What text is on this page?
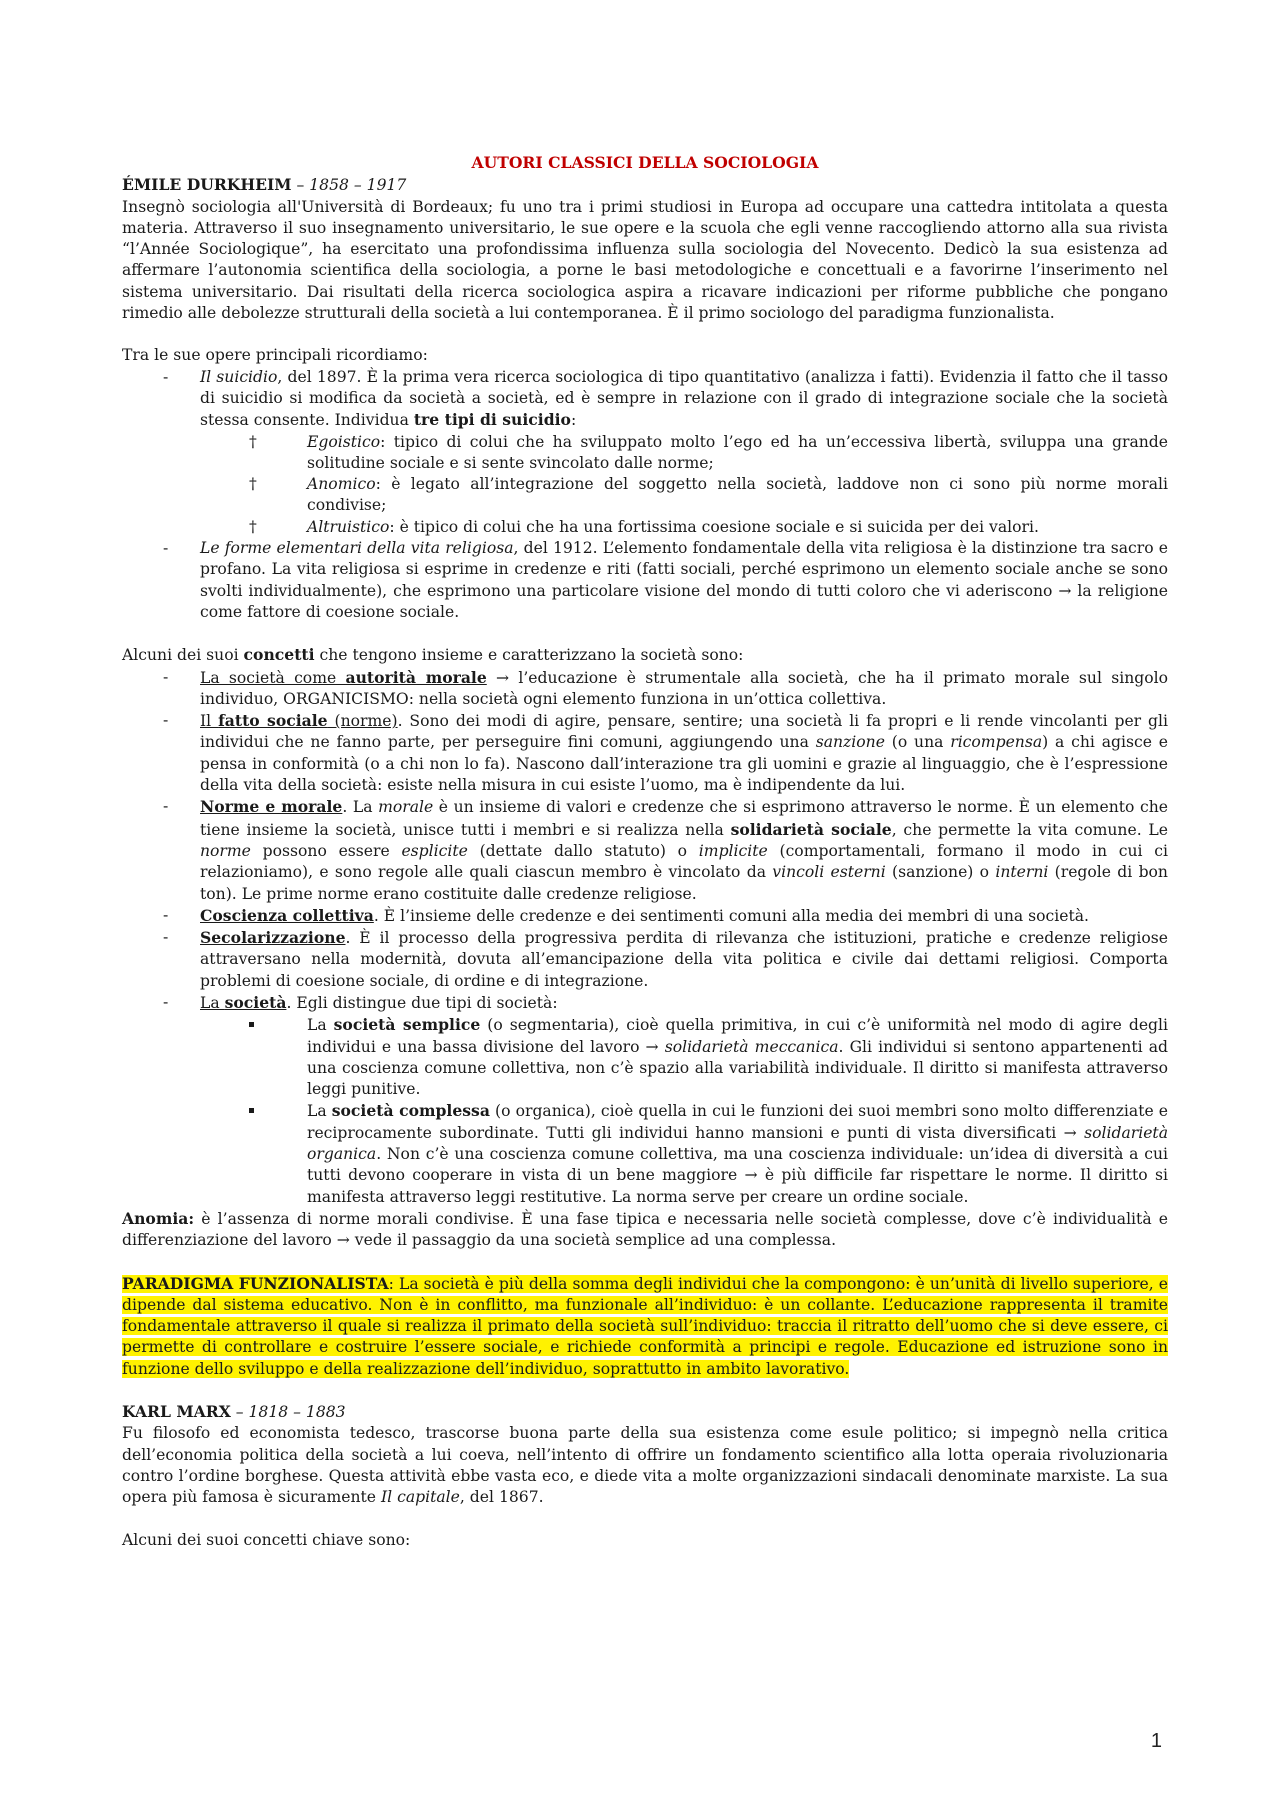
AUTORI CLASSICI DELLA SOCIOLOGIA

ÉMILE DURKHEIM – 1858 – 1917

Insegnò sociologia all'Università di Bordeaux; fu uno tra i primi studiosi in Europa ad occupare una cattedra intitolata a questa materia. Attraverso il suo insegnamento universitario, le sue opere e la scuola che egli venne raccogliendo attorno alla sua rivista “l’Année Sociologique”, ha esercitato una profondissima influenza sulla sociologia del Novecento. Dedicò la sua esistenza ad affermare l’autonomia scientifica della sociologia, a porne le basi metodologiche e concettuali e a favorirne l’inserimento nel sistema universitario. Dai risultati della ricerca sociologica aspira a ricavare indicazioni per riforme pubbliche che pongano rimedio alle debolezze strutturali della società a lui contemporanea. È il primo sociologo del paradigma funzionalista.

Tra le sue opere principali ricordiamo:

- Il suicidio, del 1897. È la prima vera ricerca sociologica di tipo quantitativo (analizza i fatti). Evidenzia il fatto che il tasso di suicidio si modifica da società a società, ed è sempre in relazione con il grado di integrazione sociale che la società stessa consente. Individua tre tipi di suicidio:
†	Egoistico: tipico di colui che ha sviluppato molto l’ego ed ha un’eccessiva libertà, sviluppa una grande solitudine sociale e si sente svincolato dalle norme;
†	Anomico: è legato all’integrazione del soggetto nella società, laddove non ci sono più norme morali condivise;
†	Altruistico: è tipico di colui che ha una fortissima coesione sociale e si suicida per dei valori.
- Le forme elementari della vita religiosa, del 1912. L’elemento fondamentale della vita religiosa è la distinzione tra sacro e profano. La vita religiosa si esprime in credenze e riti (fatti sociali, perché esprimono un elemento sociale anche se sono svolti individualmente), che esprimono una particolare visione del mondo di tutti coloro che vi aderiscono → la religione come fattore di coesione sociale.

Alcuni dei suoi concetti che tengono insieme e caratterizzano la società sono:

- La società come autorità morale → l’educazione è strumentale alla società, che ha il primato morale sul singolo individuo, ORGANICISMO: nella società ogni elemento funziona in un’ottica collettiva.
- Il fatto sociale (norme). Sono dei modi di agire, pensare, sentire; una società li fa propri e li rende vincolanti per gli individui che ne fanno parte, per perseguire fini comuni, aggiungendo una sanzione (o una ricompensa) a chi agisce e pensa in conformità (o a chi non lo fa). Nascono dall’interazione tra gli uomini e grazie al linguaggio, che è l’espressione della vita della società: esiste nella misura in cui esiste l’uomo, ma è indipendente da lui.
- Norme e morale. La morale è un insieme di valori e credenze che si esprimono attraverso le norme. È un elemento che tiene insieme la società, unisce tutti i membri e si realizza nella solidarietà sociale, che permette la vita comune. Le norme possono essere esplicite (dettate dallo statuto) o implicite (comportamentali, formano il modo in cui ci relazioniamo), e sono regole alle quali ciascun membro è vincolato da vincoli esterni (sanzione) o interni (regole di bon ton). Le prime norme erano costituite dalle credenze religiose.
- Coscienza collettiva. È l’insieme delle credenze e dei sentimenti comuni alla media dei membri di una società.
- Secolarizzazione. È il processo della progressiva perdita di rilevanza che istituzioni, pratiche e credenze religiose attraversano nella modernità, dovuta all’emancipazione della vita politica e civile dai dettami religiosi. Comporta problemi di coesione sociale, di ordine e di integrazione.
- La società. Egli distingue due tipi di società:
La società semplice (o segmentaria), cioè quella primitiva, in cui c’è uniformità nel modo di agire degli individui e una bassa divisione del lavoro → solidarietà meccanica. Gli individui si sentono appartenenti ad una coscienza comune collettiva, non c’è spazio alla variabilità individuale. Il diritto si manifesta attraverso leggi punitive.
La società complessa (o organica), cioè quella in cui le funzioni dei suoi membri sono molto differenziate e reciprocamente subordinate. Tutti gli individui hanno mansioni e punti di vista diversificati → solidarietà organica. Non c’è una coscienza comune collettiva, ma una coscienza individuale: un’idea di diversità a cui tutti devono cooperare in vista di un bene maggiore → è più difficile far rispettare le norme. Il diritto si manifesta attraverso leggi restitutive. La norma serve per creare un ordine sociale.

Anomia: è l’assenza di norme morali condivise. È una fase tipica e necessaria nelle società complesse, dove c’è individualità e differenziazione del lavoro → vede il passaggio da una società semplice ad una complessa.

PARADIGMA FUNZIONALISTA: La società è più della somma degli individui che la compongono: è un’unità di livello superiore, e dipende dal sistema educativo. Non è in conflitto, ma funzionale all’individuo: è un collante. L’educazione rappresenta il tramite fondamentale attraverso il quale si realizza il primato della società sull’individuo: traccia il ritratto dell’uomo che si deve essere, ci permette di controllare e costruire l’essere sociale, e richiede conformità a principi e regole. Educazione ed istruzione sono in funzione dello sviluppo e della realizzazione dell’individuo, soprattutto in ambito lavorativo.

KARL MARX – 1818 – 1883

Fu filosofo ed economista tedesco, trascorse buona parte della sua esistenza come esule politico; si impegnò nella critica dell’economia politica della società a lui coeva, nell’intento di offrire un fondamento scientifico alla lotta operaia rivoluzionaria contro l’ordine borghese. Questa attività ebbe vasta eco, e diede vita a molte organizzazioni sindacali denominate marxiste. La sua opera più famosa è sicuramente Il capitale, del 1867.

Alcuni dei suoi concetti chiave sono:

1
